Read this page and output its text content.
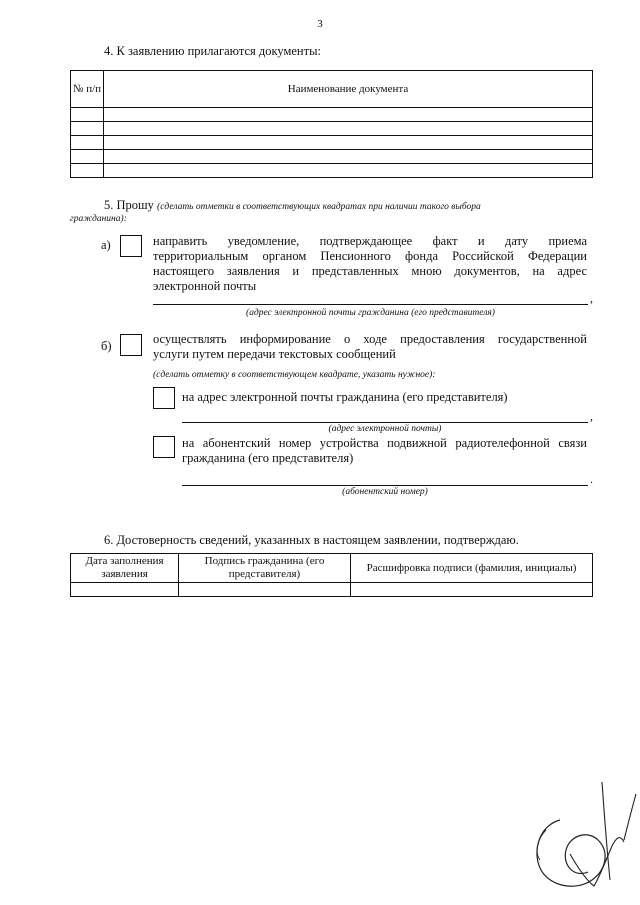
3
4. К заявлению прилагаются документы:
№ п/п	Наименование документа

5. Прошу (сделать отметки в соответствующих квадратах при наличии такого выбора
гражданина):
а)	направить уведомление, подтверждающее факт и дату приема
территориальным органом Пенсионного фонда Российской Федерации
настоящего заявления и представленных мною документов, на адрес
электронной почты
,
(адрес электронной почты гражданина (его представителя)
б)	осуществлять информирование о ходе предоставления государственной
услуги путем передачи текстовых сообщений
(сделать отметку в соответствующем квадрате, указать нужное):
на адрес электронной почты гражданина (его представителя)
,
(адрес электронной почты)
на абонентский номер устройства подвижной радиотелефонной связи
гражданина (его представителя)
.
(абонентский номер)
6. Достоверность сведений, указанных в настоящем заявлении, подтверждаю.
Дата заполнения заявления	Подпись гражданина (его представителя)	Расшифровка подписи (фамилия, инициалы)
